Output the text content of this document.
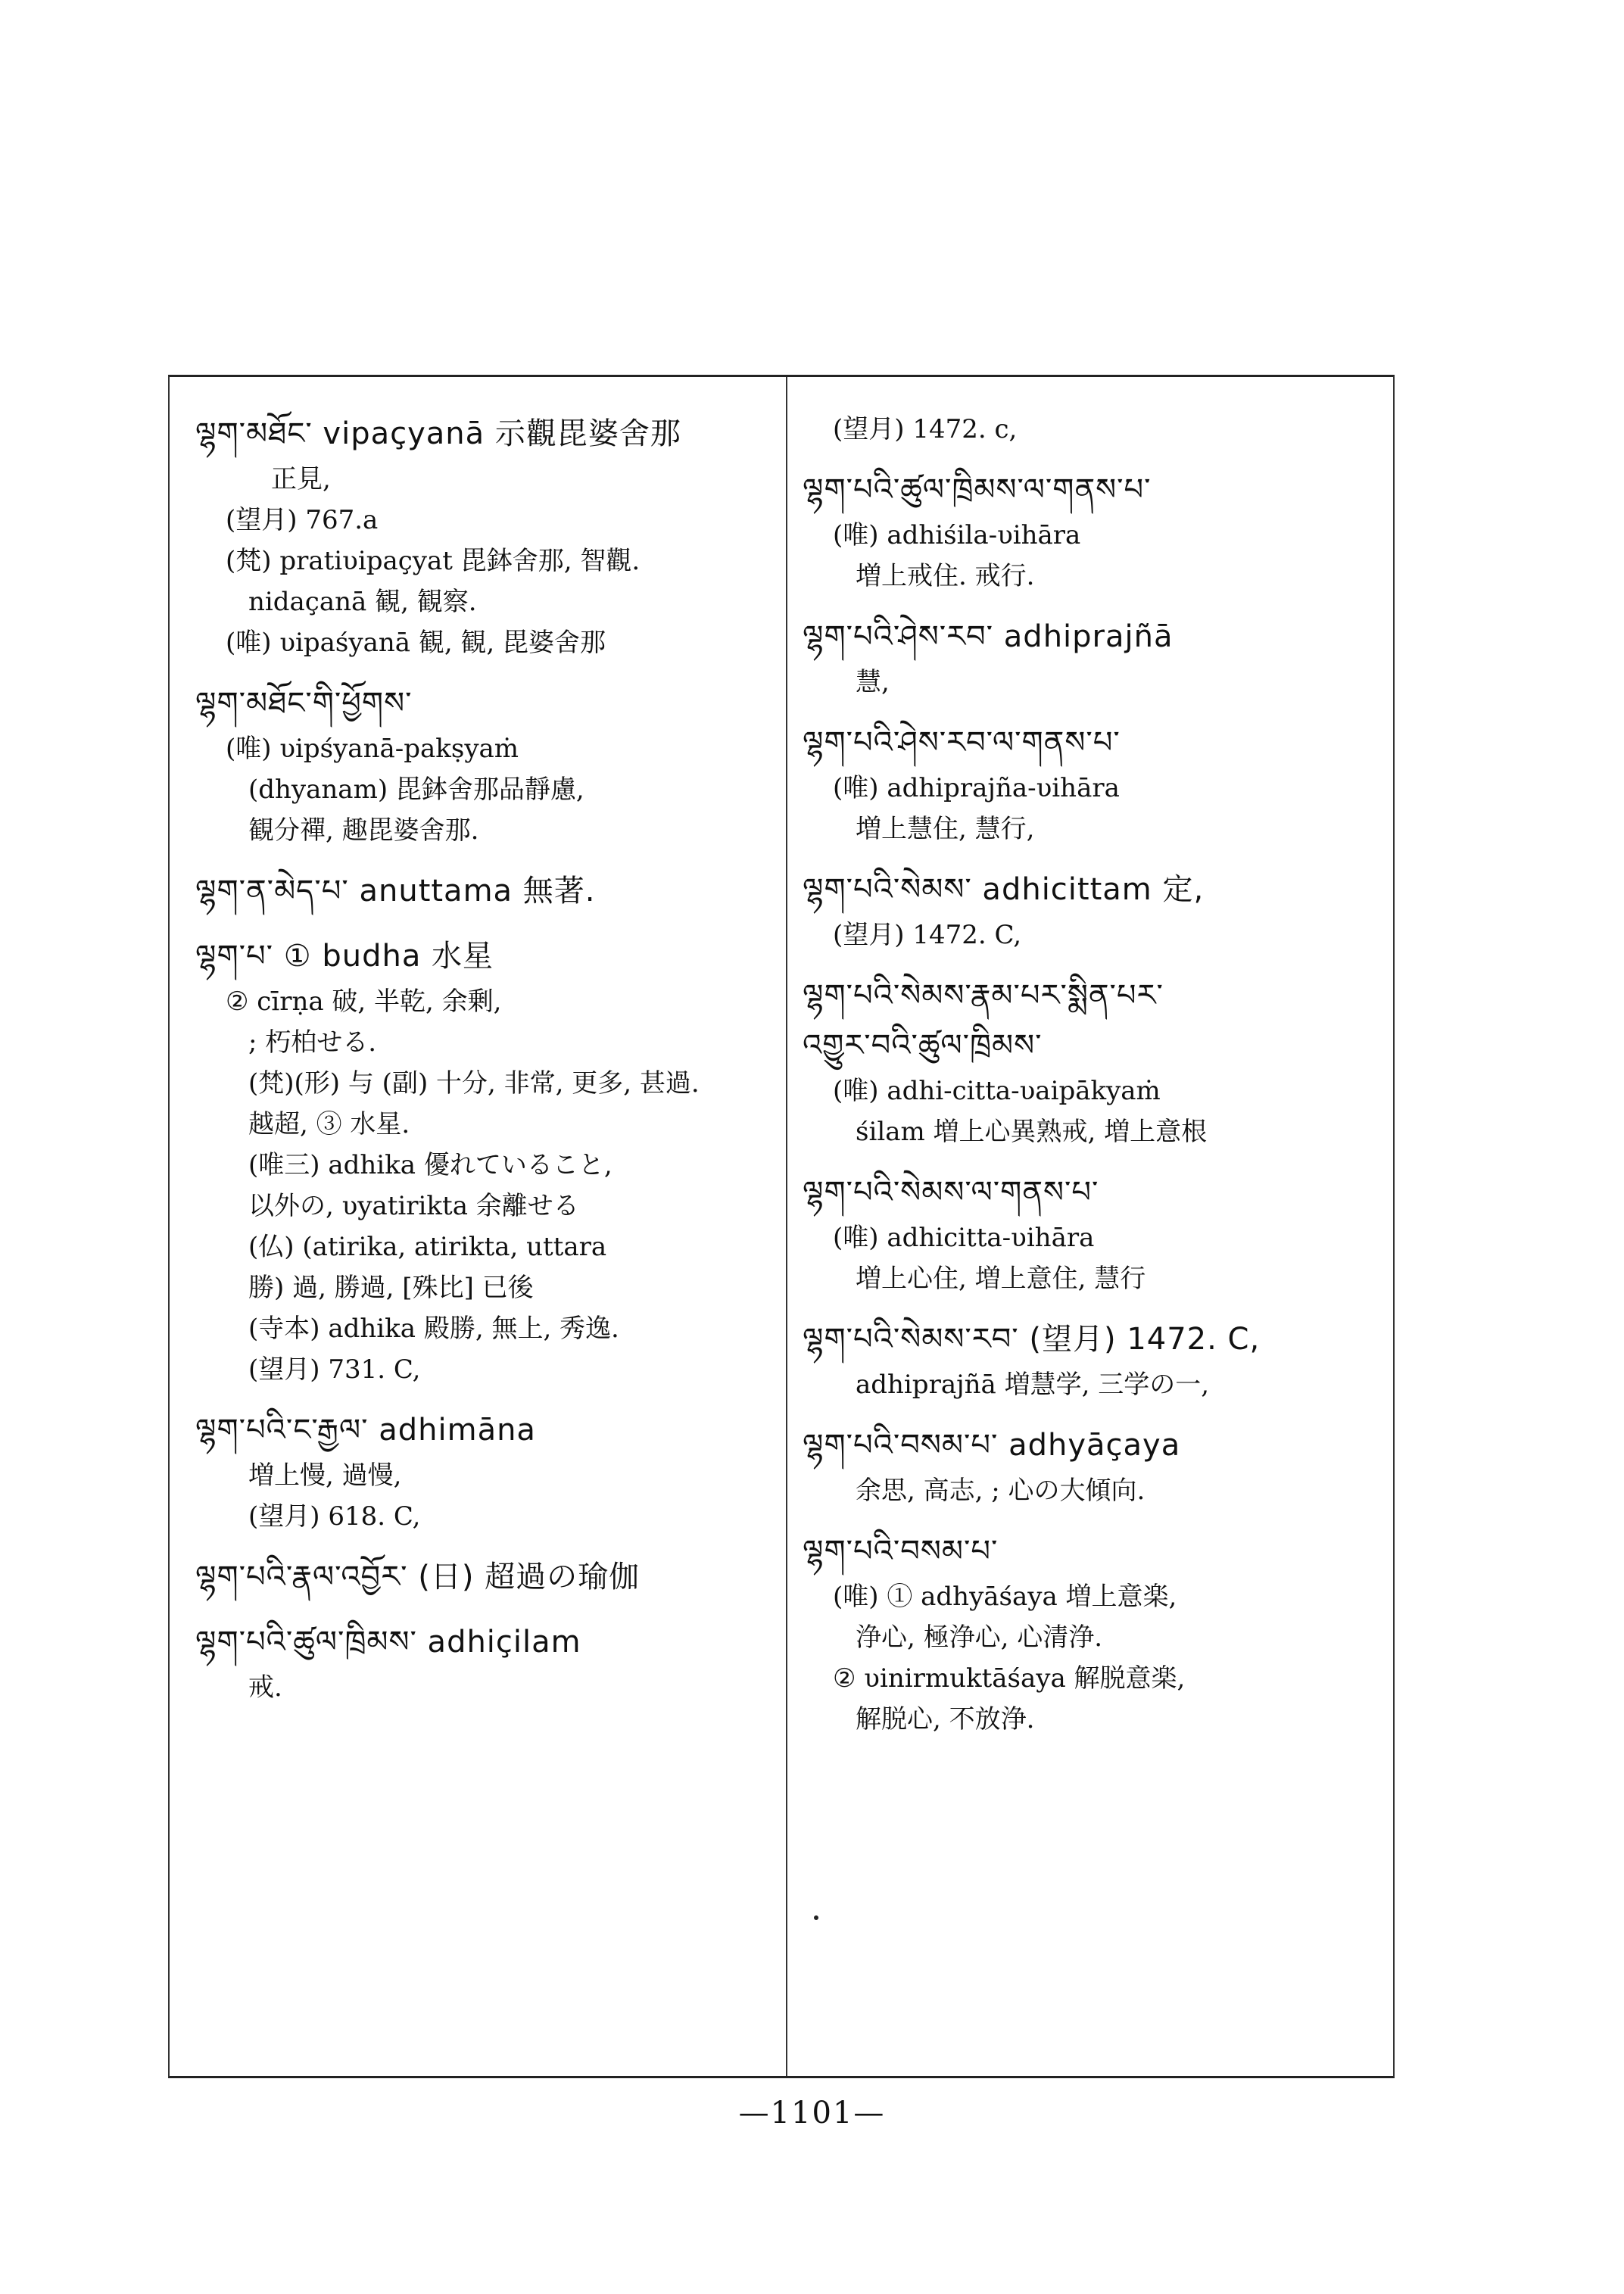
ལྷག་མཐོང་ vipaçyanā 示觀毘婆舍那
正見,
(望月) 767.a
(梵) pratiυipaçyat 毘鉢舍那, 智觀.
nidaçanā 観, 観察.
(唯) υipaśyanā 観, 観, 毘婆舍那
ལྷག་མཐོང་གི་ཕྱོགས་
(唯) υipśyanā-pakṣyaṁ
(dhyanam) 毘鉢舍那品靜慮,
観分禪, 趣毘婆舍那.
ལྷག་ན་མེད་པ་ anuttama 無著.
ལྷག་པ་ ① budha 水星
② cīrṇa 破, 半乾, 余剰,
; 朽柏せる.
(梵)(形) 与 (副) 十分, 非常, 更多, 甚過.
越超, ③ 水星.
(唯三) adhika 優れていること,
以外の, υyatirikta 余離せる
(仏) (atirika, atirikta, uttara
勝) 過, 勝過, [殊比] 已後
(寺本) adhika 殿勝, 無上, 秀逸.
(望月) 731. C,
ལྷག་པའི་ང་རྒྱལ་ adhimāna
増上慢, 過慢,
(望月) 618. C,
ལྷག་པའི་རྣལ་འབྱོར་ (日) 超過の瑜伽
ལྷག་པའི་ཚུལ་ཁྲིམས་ adhiçilam
戒.
(望月) 1472. c,
ལྷག་པའི་ཚུལ་ཁྲིམས་ལ་གནས་པ་
(唯) adhiśila-υihāra
増上戒住. 戒行.
ལྷག་པའི་ཤེས་རབ་ adhiprajñā
慧,
ལྷག་པའི་ཤེས་རབ་ལ་གནས་པ་
(唯) adhiprajña-υihāra
増上慧住, 慧行,
ལྷག་པའི་སེམས་ adhicittam 定,
(望月) 1472. C,
ལྷག་པའི་སེམས་རྣམ་པར་སྨིན་པར་
འགྱུར་བའི་ཚུལ་ཁྲིམས་
(唯) adhi-citta-υaipākyaṁ
śilam 増上心異熟戒, 増上意根
ལྷག་པའི་སེམས་ལ་གནས་པ་
(唯) adhicitta-υihāra
増上心住, 増上意住, 慧行
ལྷག་པའི་སེམས་རབ་ (望月) 1472. C,
adhiprajñā 増慧学, 三学の一,
ལྷག་པའི་བསམ་པ་ adhyāçaya
余思, 高志, ; 心の大傾向.
ལྷག་པའི་བསམ་པ་
(唯) ① adhyāśaya 増上意楽,
浄心, 極浄心, 心清浄.
② υinirmuktāśaya 解脱意楽,
解脱心, 不放浄.
—1101—
